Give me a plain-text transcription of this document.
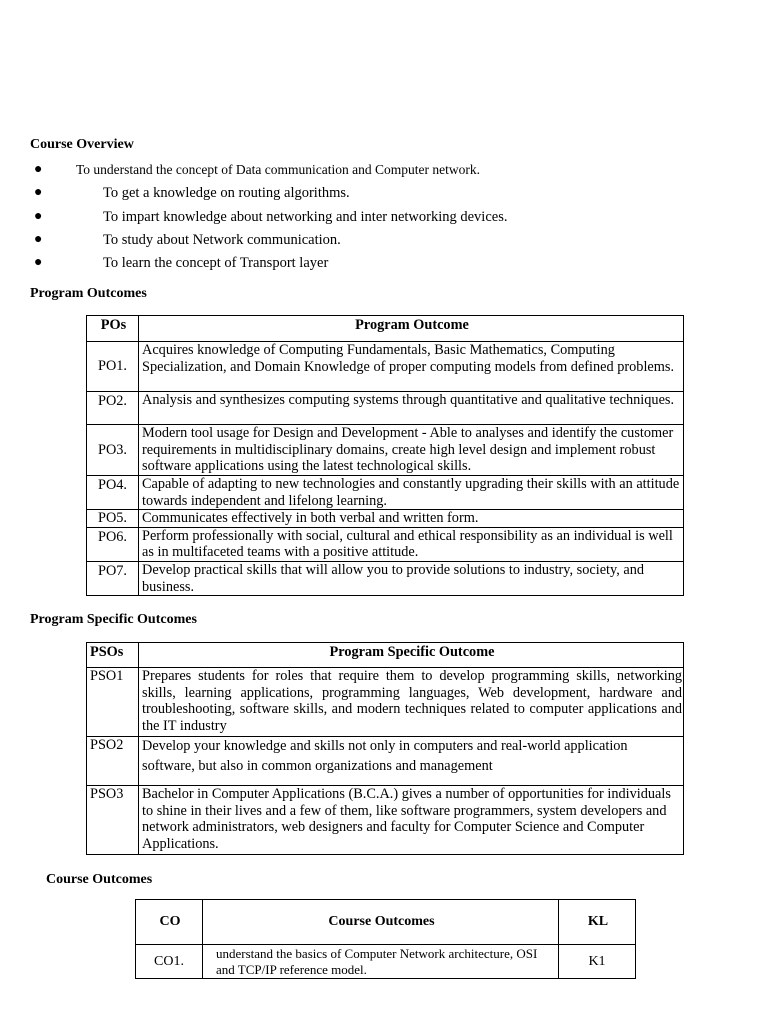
Course Overview
● To understand the concept of Data communication and Computer network.
●	To get a knowledge on routing algorithms.
●	To impart knowledge about networking and inter networking devices.
●	To study about Network communication.
●	To learn the concept of Transport layer
Program Outcomes
POs	Program Outcome
PO1.	Acquires knowledge of Computing Fundamentals, Basic Mathematics, Computing Specialization, and Domain Knowledge of proper computing models from defined problems.
PO2.	Analysis and synthesizes computing systems through quantitative and qualitative techniques.
PO3.	Modern tool usage for Design and Development - Able to analyses and identify the customer requirements in multidisciplinary domains, create high level design and implement robust software applications using the latest technological skills.
PO4.	Capable of adapting to new technologies and constantly upgrading their skills with an attitude towards independent and lifelong learning.
PO5.	Communicates effectively in both verbal and written form.
PO6.	Perform professionally with social, cultural and ethical responsibility as an individual is well as in multifaceted teams with a positive attitude.
PO7.	Develop practical skills that will allow you to provide solutions to industry, society, and business.
Program Specific Outcomes
PSOs	Program Specific Outcome
PSO1	Prepares students for roles that require them to develop programming skills, networking skills, learning applications, programming languages, Web development, hardware and troubleshooting, software skills, and modern techniques related to computer applications and the IT industry
PSO2	Develop your knowledge and skills not only in computers and real-world application software, but also in common organizations and management
PSO3	Bachelor in Computer Applications (B.C.A.) gives a number of opportunities for individuals to shine in their lives and a few of them, like software programmers, system developers and network administrators, web designers and faculty for Computer Science and Computer Applications.
Course Outcomes
CO	Course Outcomes	KL
CO1.	understand the basics of Computer Network architecture, OSI and TCP/IP reference model.	K1
